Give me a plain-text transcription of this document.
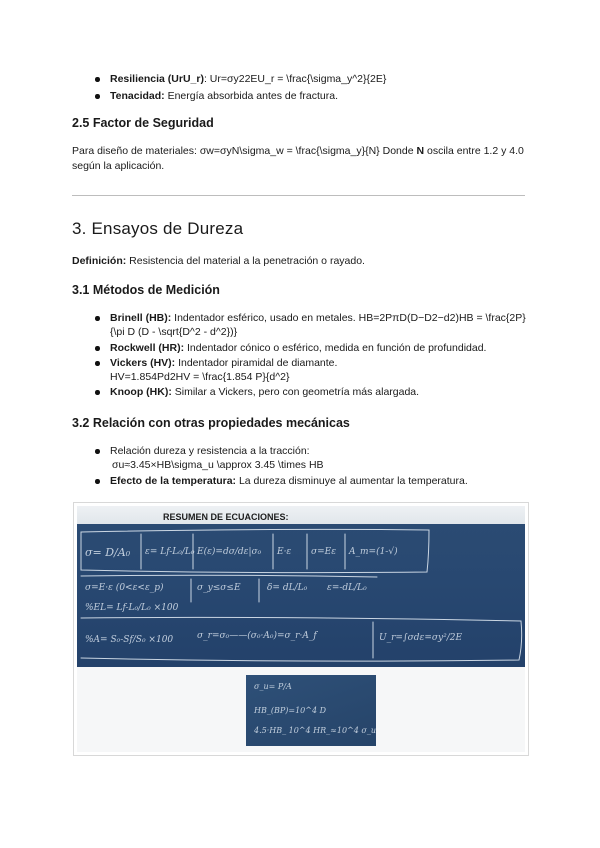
Resiliencia (UrU_r): Ur=σy22EU_r = \frac{\sigma_y^2}{2E}
Tenacidad: Energía absorbida antes de fractura.
2.5 Factor de Seguridad

Para diseño de materiales: σw=σyN\sigma_w = \frac{\sigma_y}{N} Donde N oscila entre 1.2 y 4.0 según la aplicación.

3. Ensayos de Dureza

Definición: Resistencia del material a la penetración o rayado.

3.1 Métodos de Medición
Brinell (HB): Indentador esférico, usado en metales. HB=2PπD(D−D2−d2)HB = \frac{2P}{\pi D (D - \sqrt{D^2 - d^2})}
Rockwell (HR): Indentador cónico o esférico, medida en función de profundidad.
Vickers (HV): Indentador piramidal de diamante. HV=1.854Pd2HV = \frac{1.854 P}{d^2}
Knoop (HK): Similar a Vickers, pero con geometría más alargada.
3.2 Relación con otras propiedades mecánicas
Relación dureza y resistencia a la tracción:
σu≈3.45×HB\sigma_u \approx 3.45 \times HB
Efecto de la temperatura: La dureza disminuye al aumentar la temperatura.
RESUMEN DE ECUACIONES:
σ= D/A₀ ε= Lf-L₀/L₀ E(ε)=dσ/dε|σ₀ E·ε σ=Eε A_m=(1-√)
σ=E·ε (0<ε<ε_p)	σ_y≤σ≤E	δ= dL/L₀ ε=-dL/L₀
%EL= Lf-L₀/L₀ ×100
%A= S₀-Sf/S₀ ×100	σ_r=σ₀——(σ₀·A₀)=σ_r·A_f	U_r=∫σdε=σy²/2E
σ_u= P/A
HB_(BP)=10^4 D
4.5·HB_ 10^4 HR_≈10^4 σ_u
